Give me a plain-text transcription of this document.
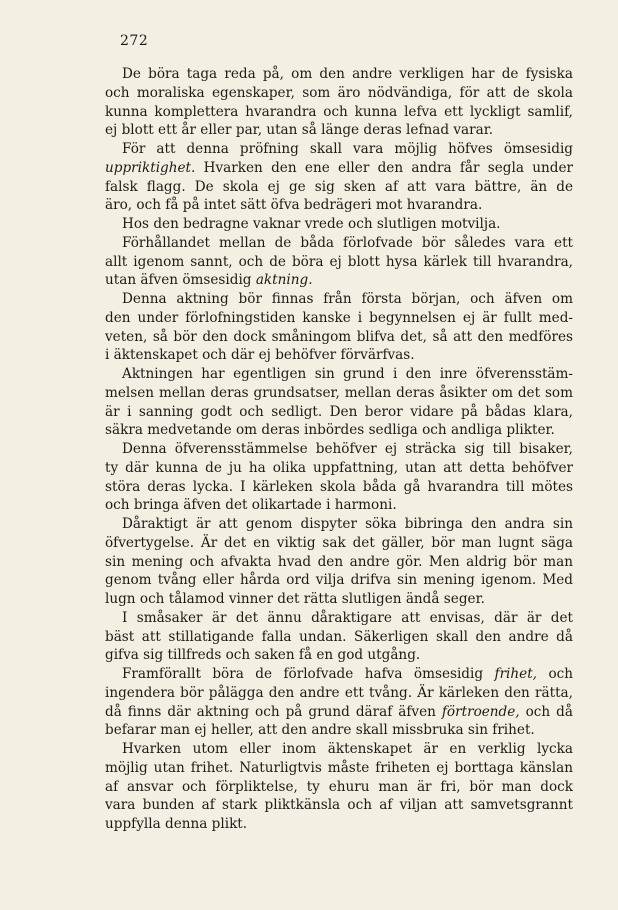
272

De böra taga reda på, om den andre verkligen har de fysiska
och moraliska egenskaper, som äro nödvändiga, för att de skola
kunna komplettera hvarandra och kunna lefva ett lyckligt samlif,
ej blott ett år eller par, utan så länge deras lefnad varar.
För att denna pröfning skall vara möjlig höfves ömsesidig
uppriktighet. Hvarken den ene eller den andra får segla under
falsk flagg. De skola ej ge sig sken af att vara bättre, än de
äro, och få på intet sätt öfva bedrägeri mot hvarandra.
Hos den bedragne vaknar vrede och slutligen motvilja.
Förhållandet mellan de båda förlofvade bör således vara ett
allt igenom sannt, och de böra ej blott hysa kärlek till hvarandra,
utan äfven ömsesidig aktning.
Denna aktning bör finnas från första början, och äfven om
den under förlofningstiden kanske i begynnelsen ej är fullt med-
veten, så bör den dock småningom blifva det, så att den medföres
i äktenskapet och där ej behöfver förvärfvas.
Aktningen har egentligen sin grund i den inre öfverensstäm-
melsen mellan deras grundsatser, mellan deras åsikter om det som
är i sanning godt och sedligt. Den beror vidare på bådas klara,
säkra medvetande om deras inbördes sedliga och andliga plikter.
Denna öfverensstämmelse behöfver ej sträcka sig till bisaker,
ty där kunna de ju ha olika uppfattning, utan att detta behöfver
störa deras lycka. I kärleken skola båda gå hvarandra till mötes
och bringa äfven det olikartade i harmoni.
Dåraktigt är att genom dispyter söka bibringa den andra sin
öfvertygelse. Är det en viktig sak det gäller, bör man lugnt säga
sin mening och afvakta hvad den andre gör. Men aldrig bör man
genom tvång eller hårda ord vilja drifva sin mening igenom. Med
lugn och tålamod vinner det rätta slutligen ändå seger.
I småsaker är det ännu dåraktigare att envisas, där är det
bäst att stillatigande falla undan. Säkerligen skall den andre då
gifva sig tillfreds och saken få en god utgång.
Framförallt böra de förlofvade hafva ömsesidig frihet, och
ingendera bör pålägga den andre ett tvång. Är kärleken den rätta,
då finns där aktning och på grund däraf äfven förtroende, och då
befarar man ej heller, att den andre skall missbruka sin frihet.
Hvarken utom eller inom äktenskapet är en verklig lycka
möjlig utan frihet. Naturligtvis måste friheten ej borttaga känslan
af ansvar och förpliktelse, ty ehuru man är fri, bör man dock
vara bunden af stark pliktkänsla och af viljan att samvetsgrannt
uppfylla denna plikt.
